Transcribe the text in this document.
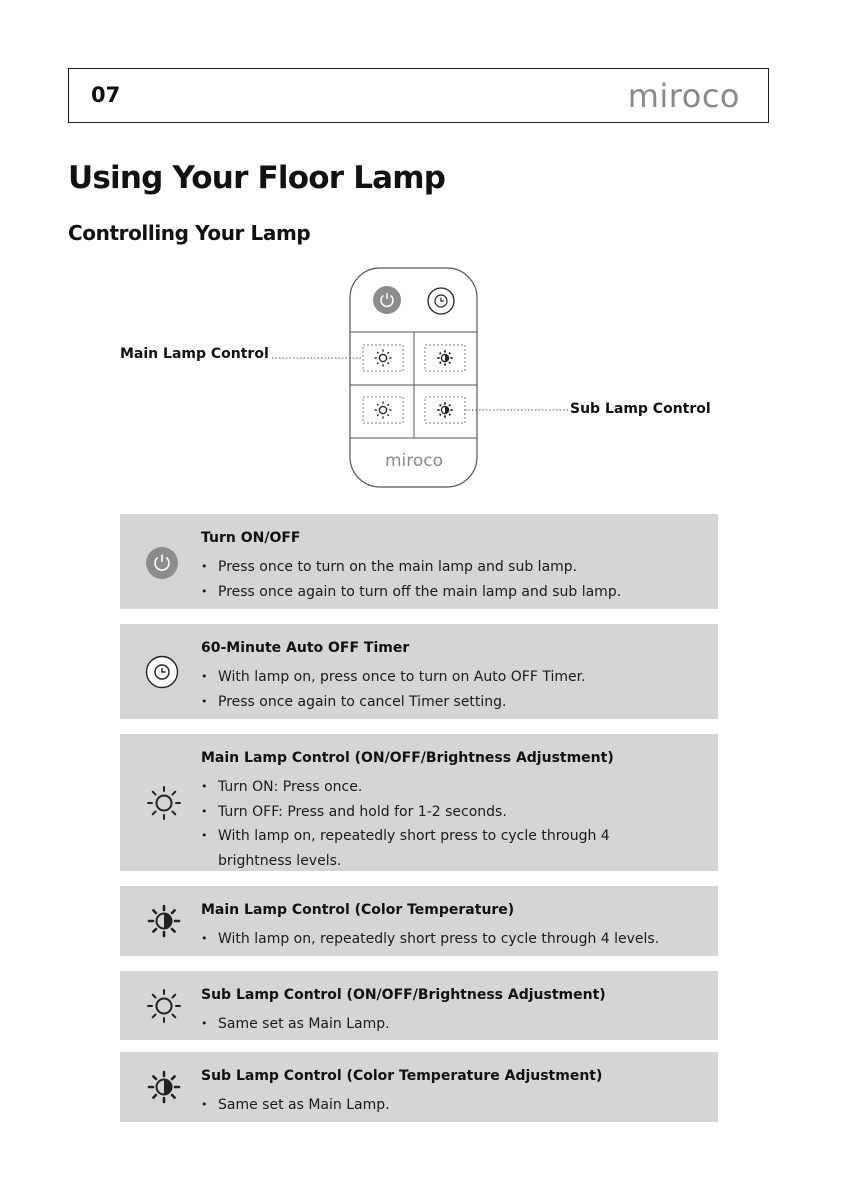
07	miroco
Using Your Floor Lamp
Controlling Your Lamp
miroco
Main Lamp Control
Sub Lamp Control
Turn ON/OFF
• Press once to turn on the main lamp and sub lamp.
• Press once again to turn off the main lamp and sub lamp.
60-Minute Auto OFF Timer
• With lamp on, press once to turn on Auto OFF Timer.
• Press once again to cancel Timer setting.
Main Lamp Control (ON/OFF/Brightness Adjustment)
• Turn ON: Press once.
• Turn OFF: Press and hold for 1-2 seconds.
• With lamp on, repeatedly short press to cycle through 4 brightness levels.
Main Lamp Control (Color Temperature)
• With lamp on, repeatedly short press to cycle through 4 levels.
Sub Lamp Control (ON/OFF/Brightness Adjustment)
• Same set as Main Lamp.
Sub Lamp Control (Color Temperature Adjustment)
• Same set as Main Lamp.
